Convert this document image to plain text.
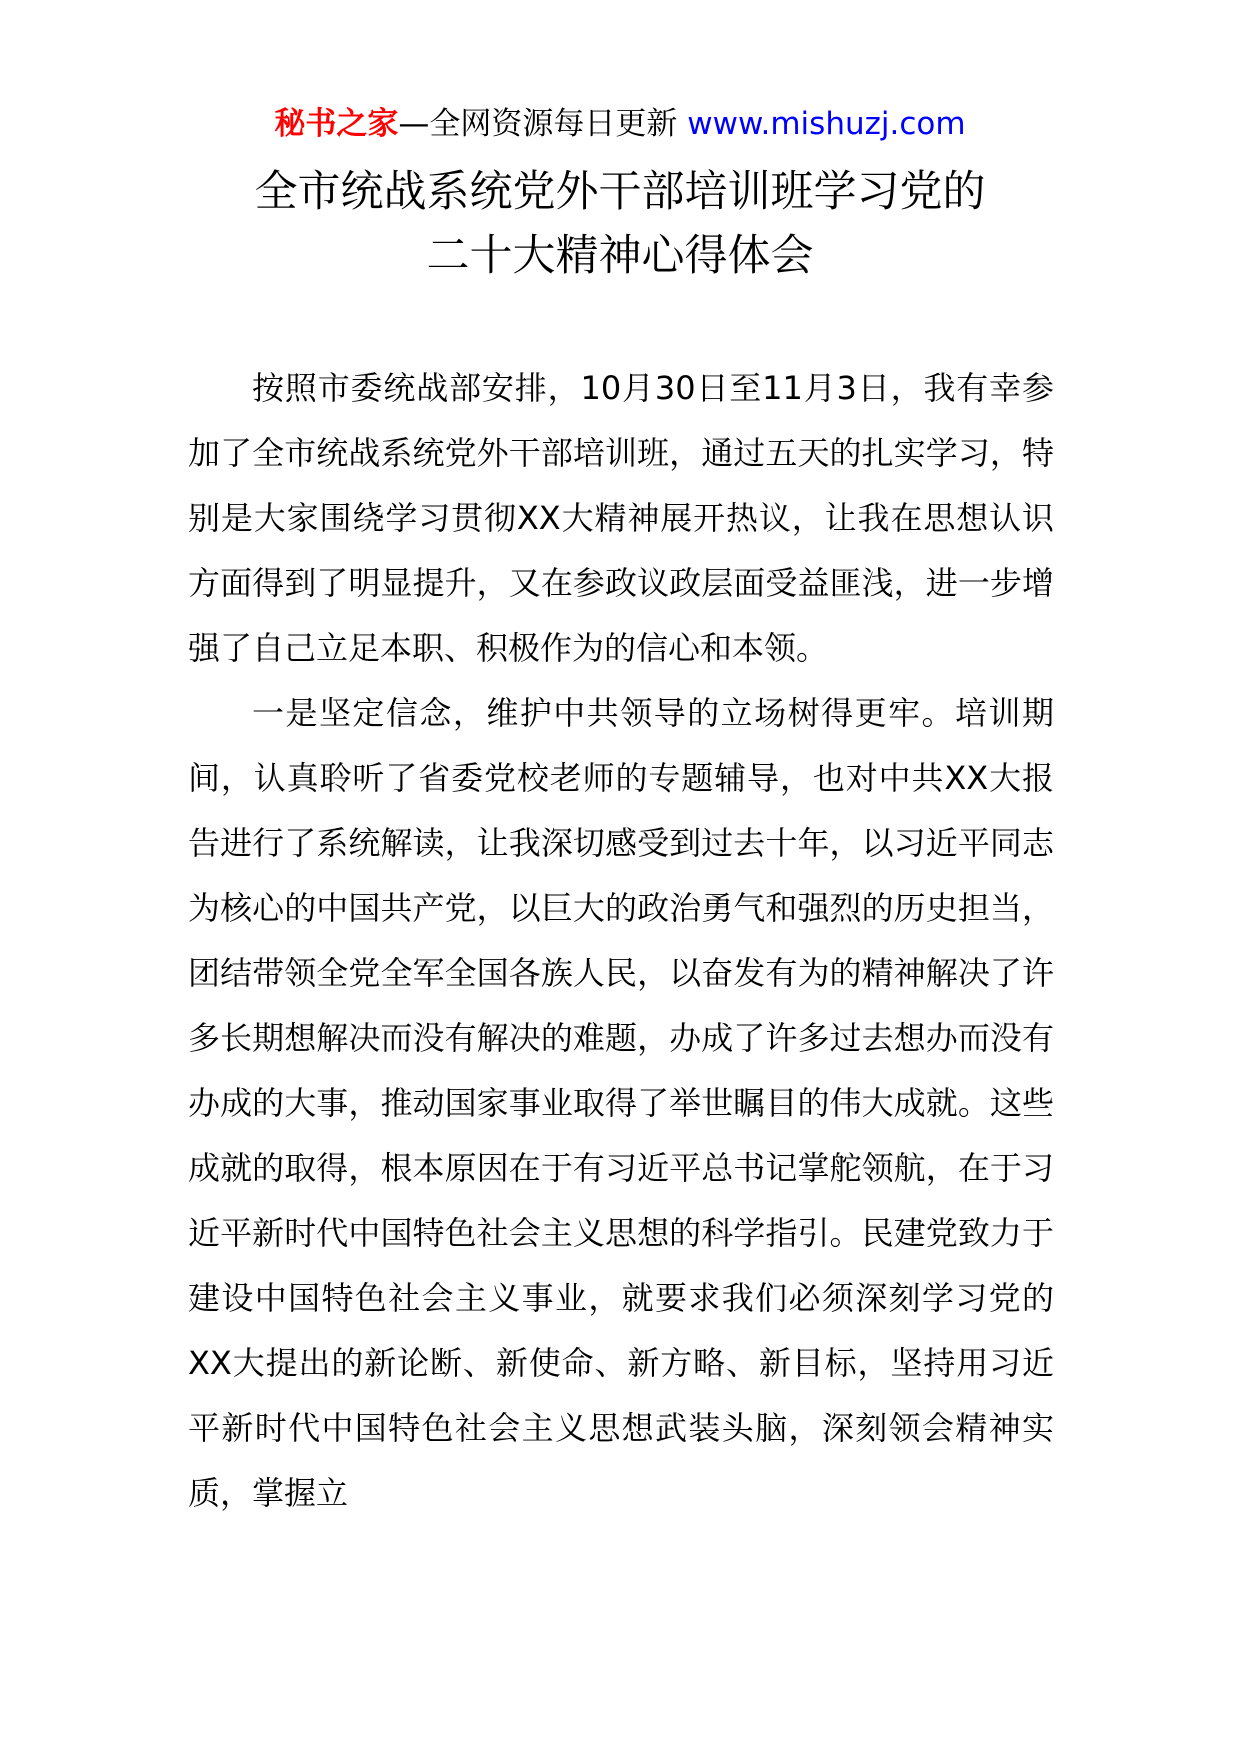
秘书之家—全网资源每日更新 www.mishuzj.com
全市统战系统党外干部培训班学习党的
二十大精神心得体会

按照市委统战部安排，10月30日至11月3日，我有幸参加了全市统战系统党外干部培训班，通过五天的扎实学习，特别是大家围绕学习贯彻XX大精神展开热议，让我在思想认识方面得到了明显提升，又在参政议政层面受益匪浅，进一步增强了自己立足本职、积极作为的信心和本领。

一是坚定信念，维护中共领导的立场树得更牢。培训期间，认真聆听了省委党校老师的专题辅导，也对中共XX大报告进行了系统解读，让我深切感受到过去十年，以习近平同志为核心的中国共产党，以巨大的政治勇气和强烈的历史担当，团结带领全党全军全国各族人民，以奋发有为的精神解决了许多长期想解决而没有解决的难题，办成了许多过去想办而没有办成的大事，推动国家事业取得了举世瞩目的伟大成就。这些成就的取得，根本原因在于有习近平总书记掌舵领航，在于习近平新时代中国特色社会主义思想的科学指引。民建党致力于建设中国特色社会主义事业，就要求我们必须深刻学习党的XX大提出的新论断、新使命、新方略、新目标，坚持用习近平新时代中国特色社会主义思想武装头脑，深刻领会精神实质，掌握立
